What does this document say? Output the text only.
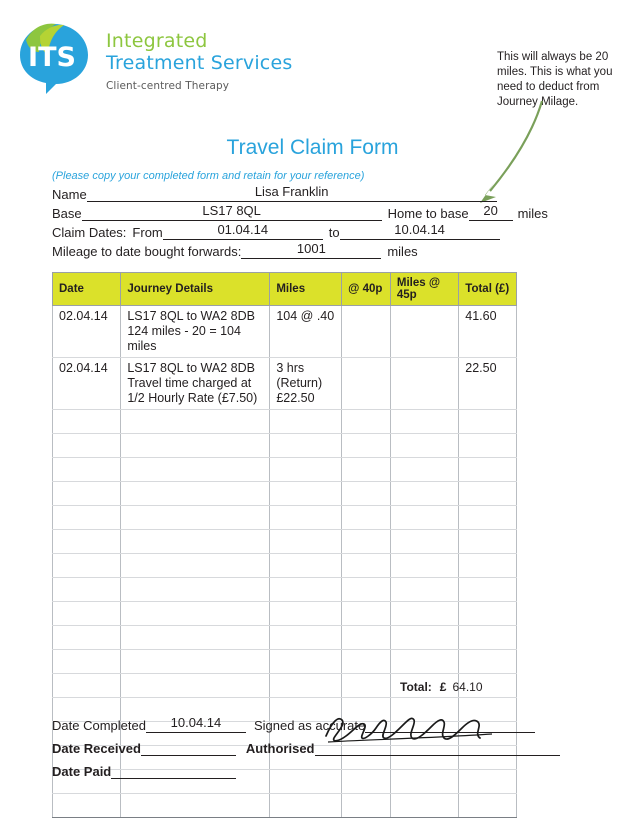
ITS
Integrated
Treatment Services
Client-centred Therapy
This will always be 20 miles. This is what you need to deduct from Journey Milage.
Travel Claim Form
(Please copy your completed form and retain for your reference)
Name	Lisa Franklin
Base	LS17 8QL	Home to base 20 miles
Claim Dates: From	01.04.14	to	10.04.14
Mileage to date bought forwards:	1001	miles
Date	Journey Details	Miles	@ 40p	Miles @ 45p	Total (£)
02.04.14	LS17 8QL to WA2 8DB
124 miles - 20 = 104 miles	104 @ .40			41.60
02.04.14	LS17 8QL to WA2 8DB
Travel time charged at
1/2 Hourly Rate (£7.50)	3 hrs (Return)
£22.50			22.50

Total: £ 64.10
Date Completed 10.04.14	Signed as accurate
Date Received	Authorised
Date Paid
